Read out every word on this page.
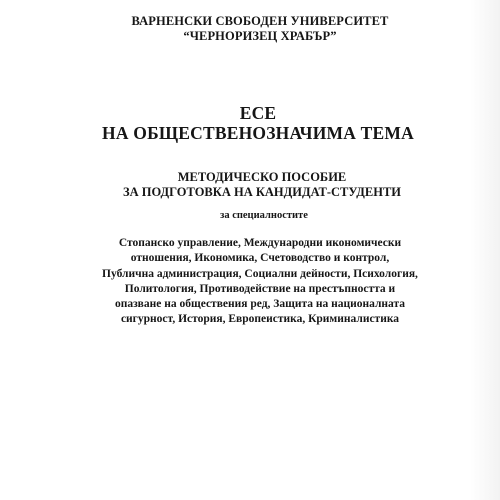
ВАРНЕНСКИ СВОБОДЕН УНИВЕРСИТЕТ
“ЧЕРНОРИЗЕЦ ХРАБЪР”
ЕСЕ
НА ОБЩЕСТВЕНОЗНАЧИМА ТЕМА
МЕТОДИЧЕСКО ПОСОБИЕ
ЗА ПОДГОТОВКА НА КАНДИДАТ-СТУДЕНТИ
за специалностите
Стопанско управление, Международни икономически
отношения, Икономика, Счетоводство и контрол,
Публична администрация, Социални дейности, Психология,
Политология, Противодействие на престъпността и
опазване на обществения ред, Защита на националната
сигурност, История, Европеистика, Криминалистика
